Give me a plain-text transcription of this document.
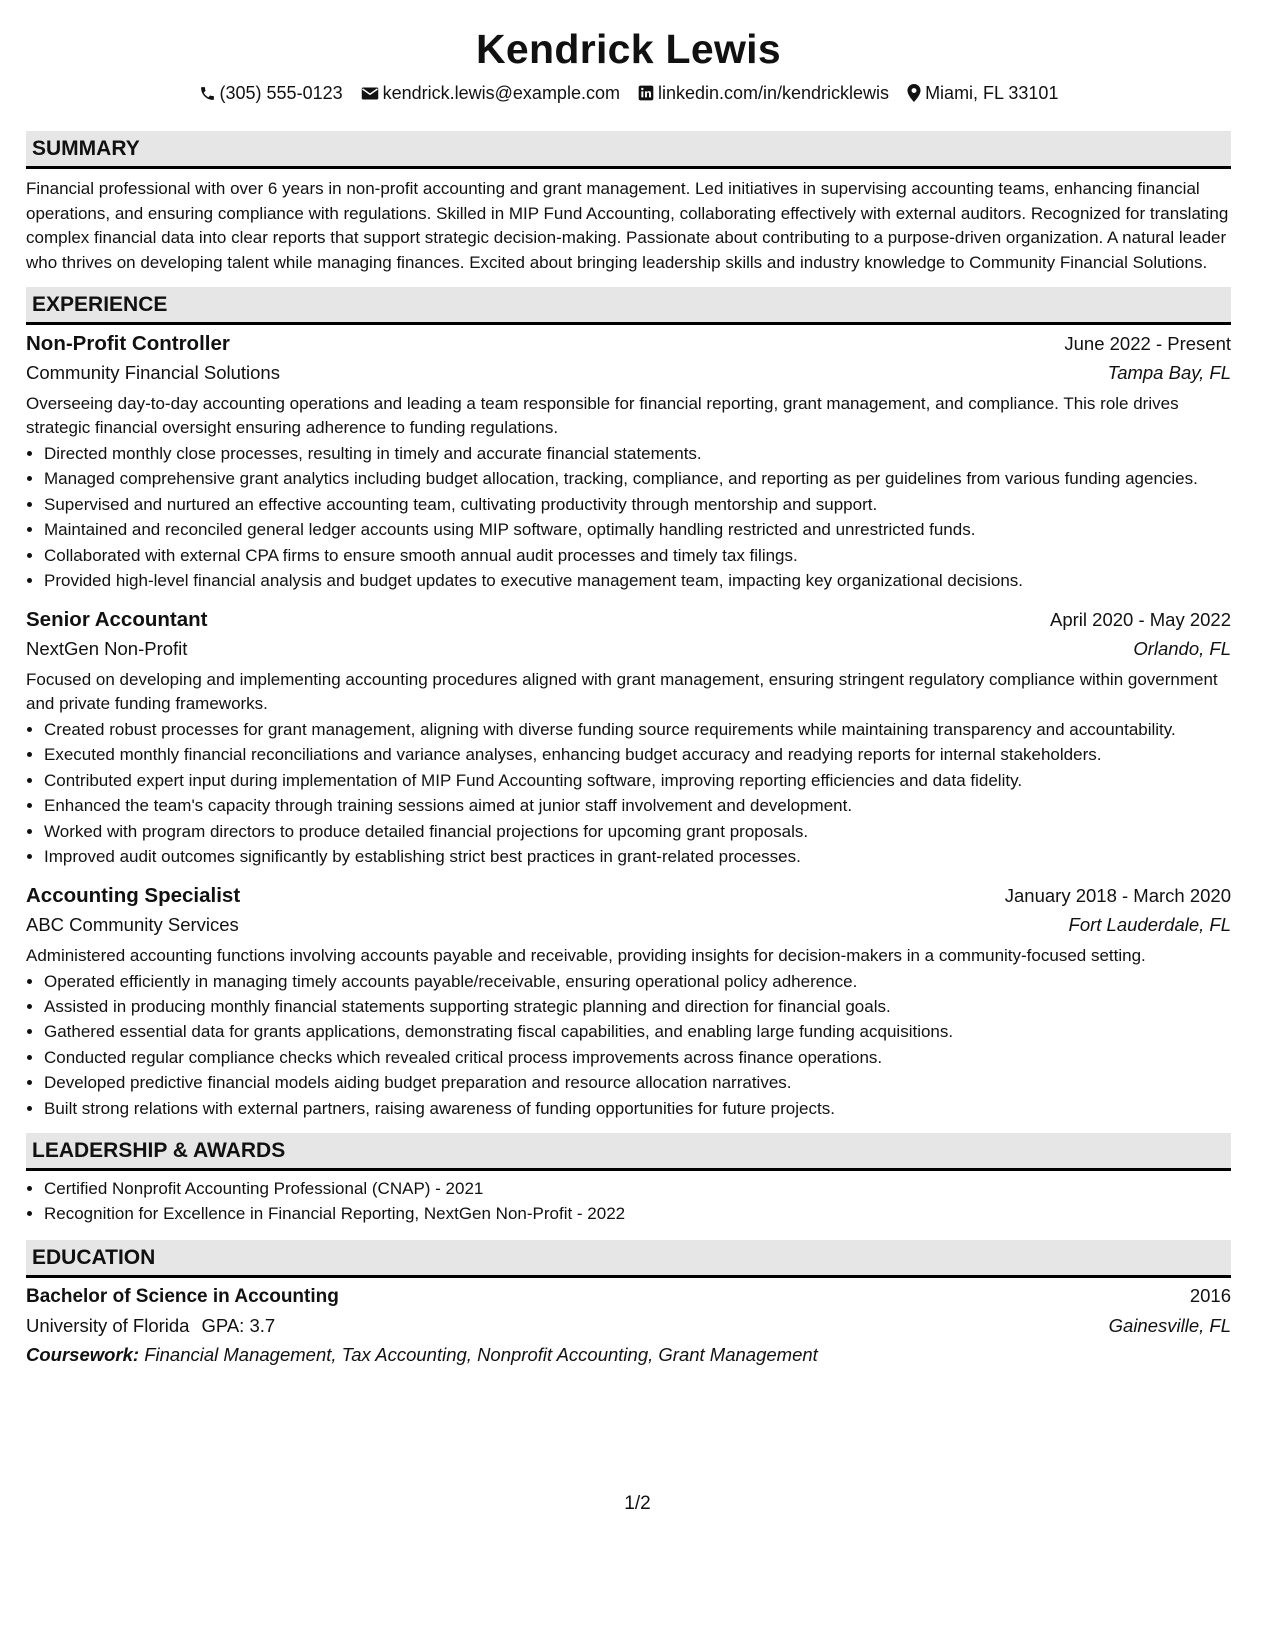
Kendrick Lewis
(305) 555-0123 kendrick.lewis@example.com linkedin.com/in/kendricklewis Miami, FL 33101
SUMMARY
Financial professional with over 6 years in non-profit accounting and grant management. Led initiatives in supervising accounting teams, enhancing financial operations, and ensuring compliance with regulations. Skilled in MIP Fund Accounting, collaborating effectively with external auditors. Recognized for translating complex financial data into clear reports that support strategic decision-making. Passionate about contributing to a purpose-driven organization. A natural leader who thrives on developing talent while managing finances. Excited about bringing leadership skills and industry knowledge to Community Financial Solutions.
EXPERIENCE
Non-Profit Controller	June 2022 - Present
Community Financial Solutions	Tampa Bay, FL
Overseeing day-to-day accounting operations and leading a team responsible for financial reporting, grant management, and compliance. This role drives strategic financial oversight ensuring adherence to funding regulations.
• Directed monthly close processes, resulting in timely and accurate financial statements.
• Managed comprehensive grant analytics including budget allocation, tracking, compliance, and reporting as per guidelines from various funding agencies.
• Supervised and nurtured an effective accounting team, cultivating productivity through mentorship and support.
• Maintained and reconciled general ledger accounts using MIP software, optimally handling restricted and unrestricted funds.
• Collaborated with external CPA firms to ensure smooth annual audit processes and timely tax filings.
• Provided high-level financial analysis and budget updates to executive management team, impacting key organizational decisions.
Senior Accountant	April 2020 - May 2022
NextGen Non-Profit	Orlando, FL
Focused on developing and implementing accounting procedures aligned with grant management, ensuring stringent regulatory compliance within government and private funding frameworks.
• Created robust processes for grant management, aligning with diverse funding source requirements while maintaining transparency and accountability.
• Executed monthly financial reconciliations and variance analyses, enhancing budget accuracy and readying reports for internal stakeholders.
• Contributed expert input during implementation of MIP Fund Accounting software, improving reporting efficiencies and data fidelity.
• Enhanced the team's capacity through training sessions aimed at junior staff involvement and development.
• Worked with program directors to produce detailed financial projections for upcoming grant proposals.
• Improved audit outcomes significantly by establishing strict best practices in grant-related processes.
Accounting Specialist	January 2018 - March 2020
ABC Community Services	Fort Lauderdale, FL
Administered accounting functions involving accounts payable and receivable, providing insights for decision-makers in a community-focused setting.
• Operated efficiently in managing timely accounts payable/receivable, ensuring operational policy adherence.
• Assisted in producing monthly financial statements supporting strategic planning and direction for financial goals.
• Gathered essential data for grants applications, demonstrating fiscal capabilities, and enabling large funding acquisitions.
• Conducted regular compliance checks which revealed critical process improvements across finance operations.
• Developed predictive financial models aiding budget preparation and resource allocation narratives.
• Built strong relations with external partners, raising awareness of funding opportunities for future projects.
LEADERSHIP & AWARDS
• Certified Nonprofit Accounting Professional (CNAP) - 2021
• Recognition for Excellence in Financial Reporting, NextGen Non-Profit - 2022
EDUCATION
Bachelor of Science in Accounting	2016
University of Florida GPA: 3.7	Gainesville, FL
Coursework: Financial Management, Tax Accounting, Nonprofit Accounting, Grant Management
1/2
